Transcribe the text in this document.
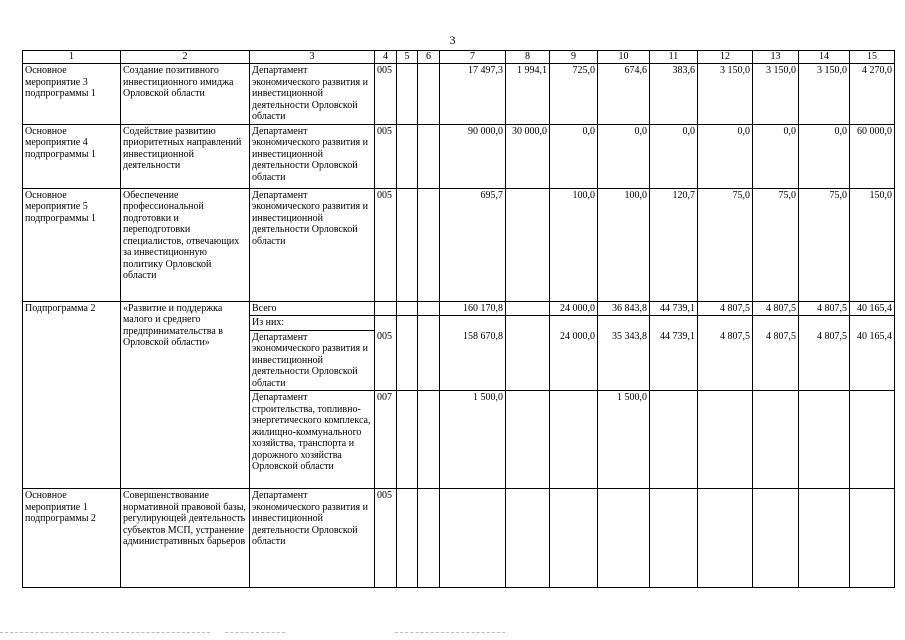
3
1	2	3	4	5	6	7	8	9	10	11	12	13	14	15
Основное мероприятие 3 подпрограммы 1	Создание позитивного инвестиционного имиджа Орловской области	Департамент экономического развития и инвестиционной деятельности Орловской области	005			17 497,3	1 994,1	725,0	674,6	383,6	3 150,0	3 150,0	3 150,0	4 270,0
Основное мероприятие 4 подпрограммы 1	Содействие развитию приоритетных направлений инвестиционной деятельности	Департамент экономического развития и инвестиционной деятельности Орловской области	005			90 000,0	30 000,0	0,0	0,0	0,0	0,0	0,0	0,0	60 000,0
Основное мероприятие 5 подпрограммы 1	Обеспечение профессиональной подготовки и переподготовки специалистов, отвечающих за инвестиционную политику Орловской области	Департамент экономического развития и инвестиционной деятельности Орловской области	005			695,7		100,0	100,0	120,7	75,0	75,0	75,0	150,0
Подпрограмма 2	«Развитие и поддержка малого и среднего предпринимательства в Орловской области»	Всего				160 170,8		24 000,0	36 843,8	44 739,1	4 807,5	4 807,5	4 807,5	40 165,4
		Из них:												
		Департамент экономического развития и инвестиционной деятельности Орловской области	005			158 670,8		24 000,0	35 343,8	44 739,1	4 807,5	4 807,5	4 807,5	40 165,4
		Департамент строительства, топливно-энергетического комплекса, жилищно-коммунального хозяйства, транспорта и дорожного хозяйства Орловской области	007			1 500,0			1 500,0					
Основное мероприятие 1 подпрограммы 2	Совершенствование нормативной правовой базы, регулирующей деятельность субъектов МСП, устранение административных барьеров	Департамент экономического развития и инвестиционной деятельности Орловской области	005											
